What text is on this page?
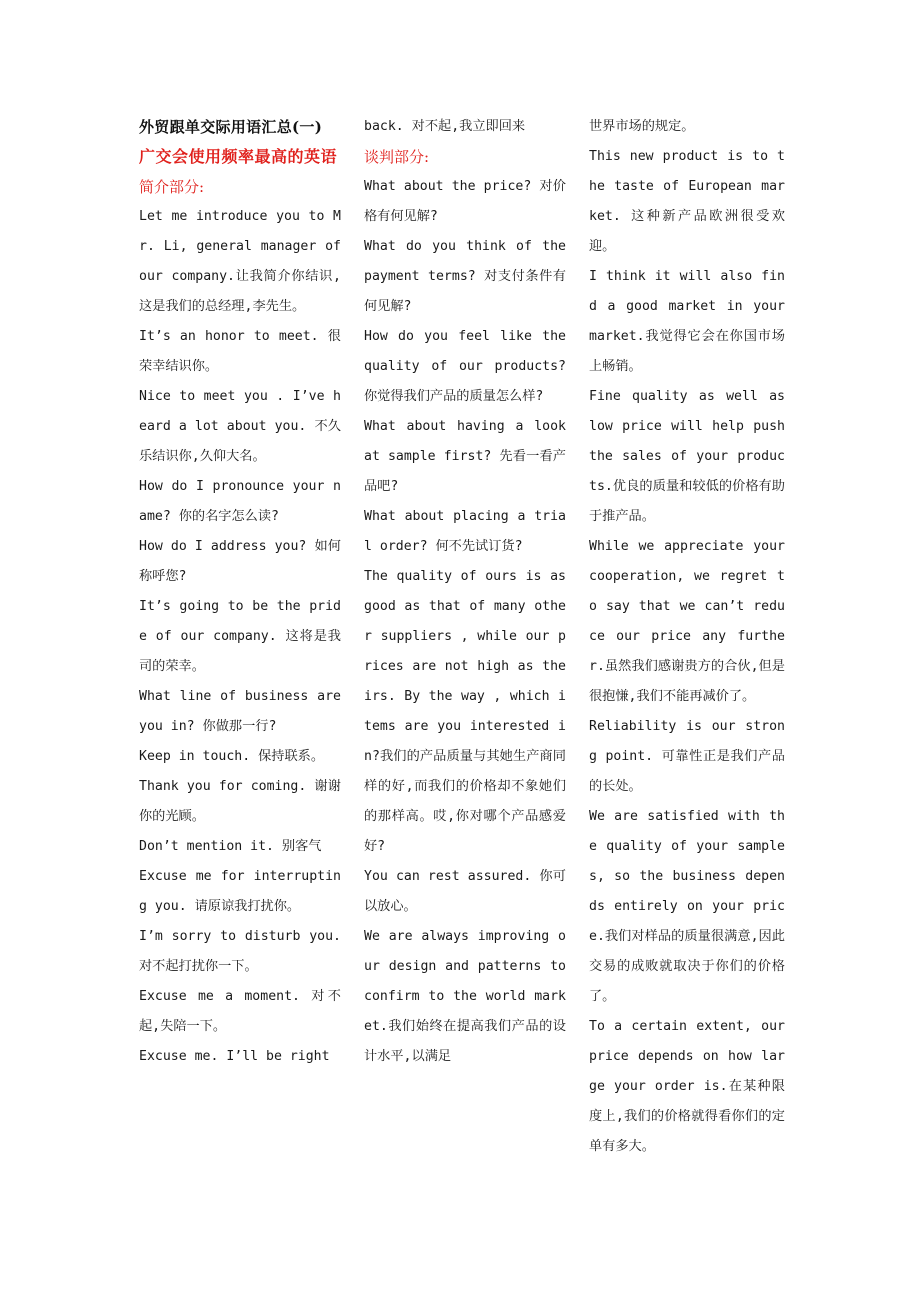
外贸跟单交际用语汇总(一)

广交会使用频率最高的英语

简介部分:

Let me introduce you to Mr. Li, general manager of our company.让我简介你结识,这是我们的总经理,李先生。

It’s an honor to meet. 很荣幸结识你。

Nice to meet you . I’ve heard a lot about you. 不久乐结识你,久仰大名。

How do I pronounce your name? 你的名字怎么读?

How do I address you? 如何称呼您?

It’s going to be the pride of our company. 这将是我司的荣幸。

What line of business are you in? 你做那一行?

Keep in touch. 保持联系。

Thank you for coming. 谢谢你的光顾。

Don’t mention it. 别客气

Excuse me for interrupting you. 请原谅我打扰你。

I’m sorry to disturb you. 对不起打扰你一下。

Excuse me a moment. 对不起,失陪一下。

Excuse me. I’ll be right

back. 对不起,我立即回来

谈判部分:

What about the price? 对价格有何见解?

What do you think of the payment terms? 对支付条件有何见解?

How do you feel like the quality of our products? 你觉得我们产品的质量怎么样?

What about having a look at sample first? 先看一看产品吧?

What about placing a trial order? 何不先试订货?

The quality of ours is as good as that of many other suppliers , while our prices are not high as theirs. By the way , which items are you interested in?我们的产品质量与其她生产商同样的好,而我们的价格却不象她们的那样高。哎,你对哪个产品感爱好?

You can rest assured. 你可以放心。

We are always improving our design and patterns to confirm to the world market.我们始终在提高我们产品的设计水平,以满足

世界市场的规定。

This new product is to the taste of European market. 这种新产品欧洲很受欢迎。

I think it will also find a good market in your market.我觉得它会在你国市场上畅销。

Fine quality as well as low price will help push the sales of your products.优良的质量和较低的价格有助于推产品。

While we appreciate your cooperation, we regret to say that we can’t reduce our price any further.虽然我们感谢贵方的合伙,但是很抱慊,我们不能再减价了。

Reliability is our strong point. 可靠性正是我们产品的长处。

We are satisfied with the quality of your samples, so the business depends entirely on your price.我们对样品的质量很满意,因此交易的成败就取决于你们的价格了。

To a certain extent, our price depends on how large your order is.在某种限度上,我们的价格就得看你们的定单有多大。
